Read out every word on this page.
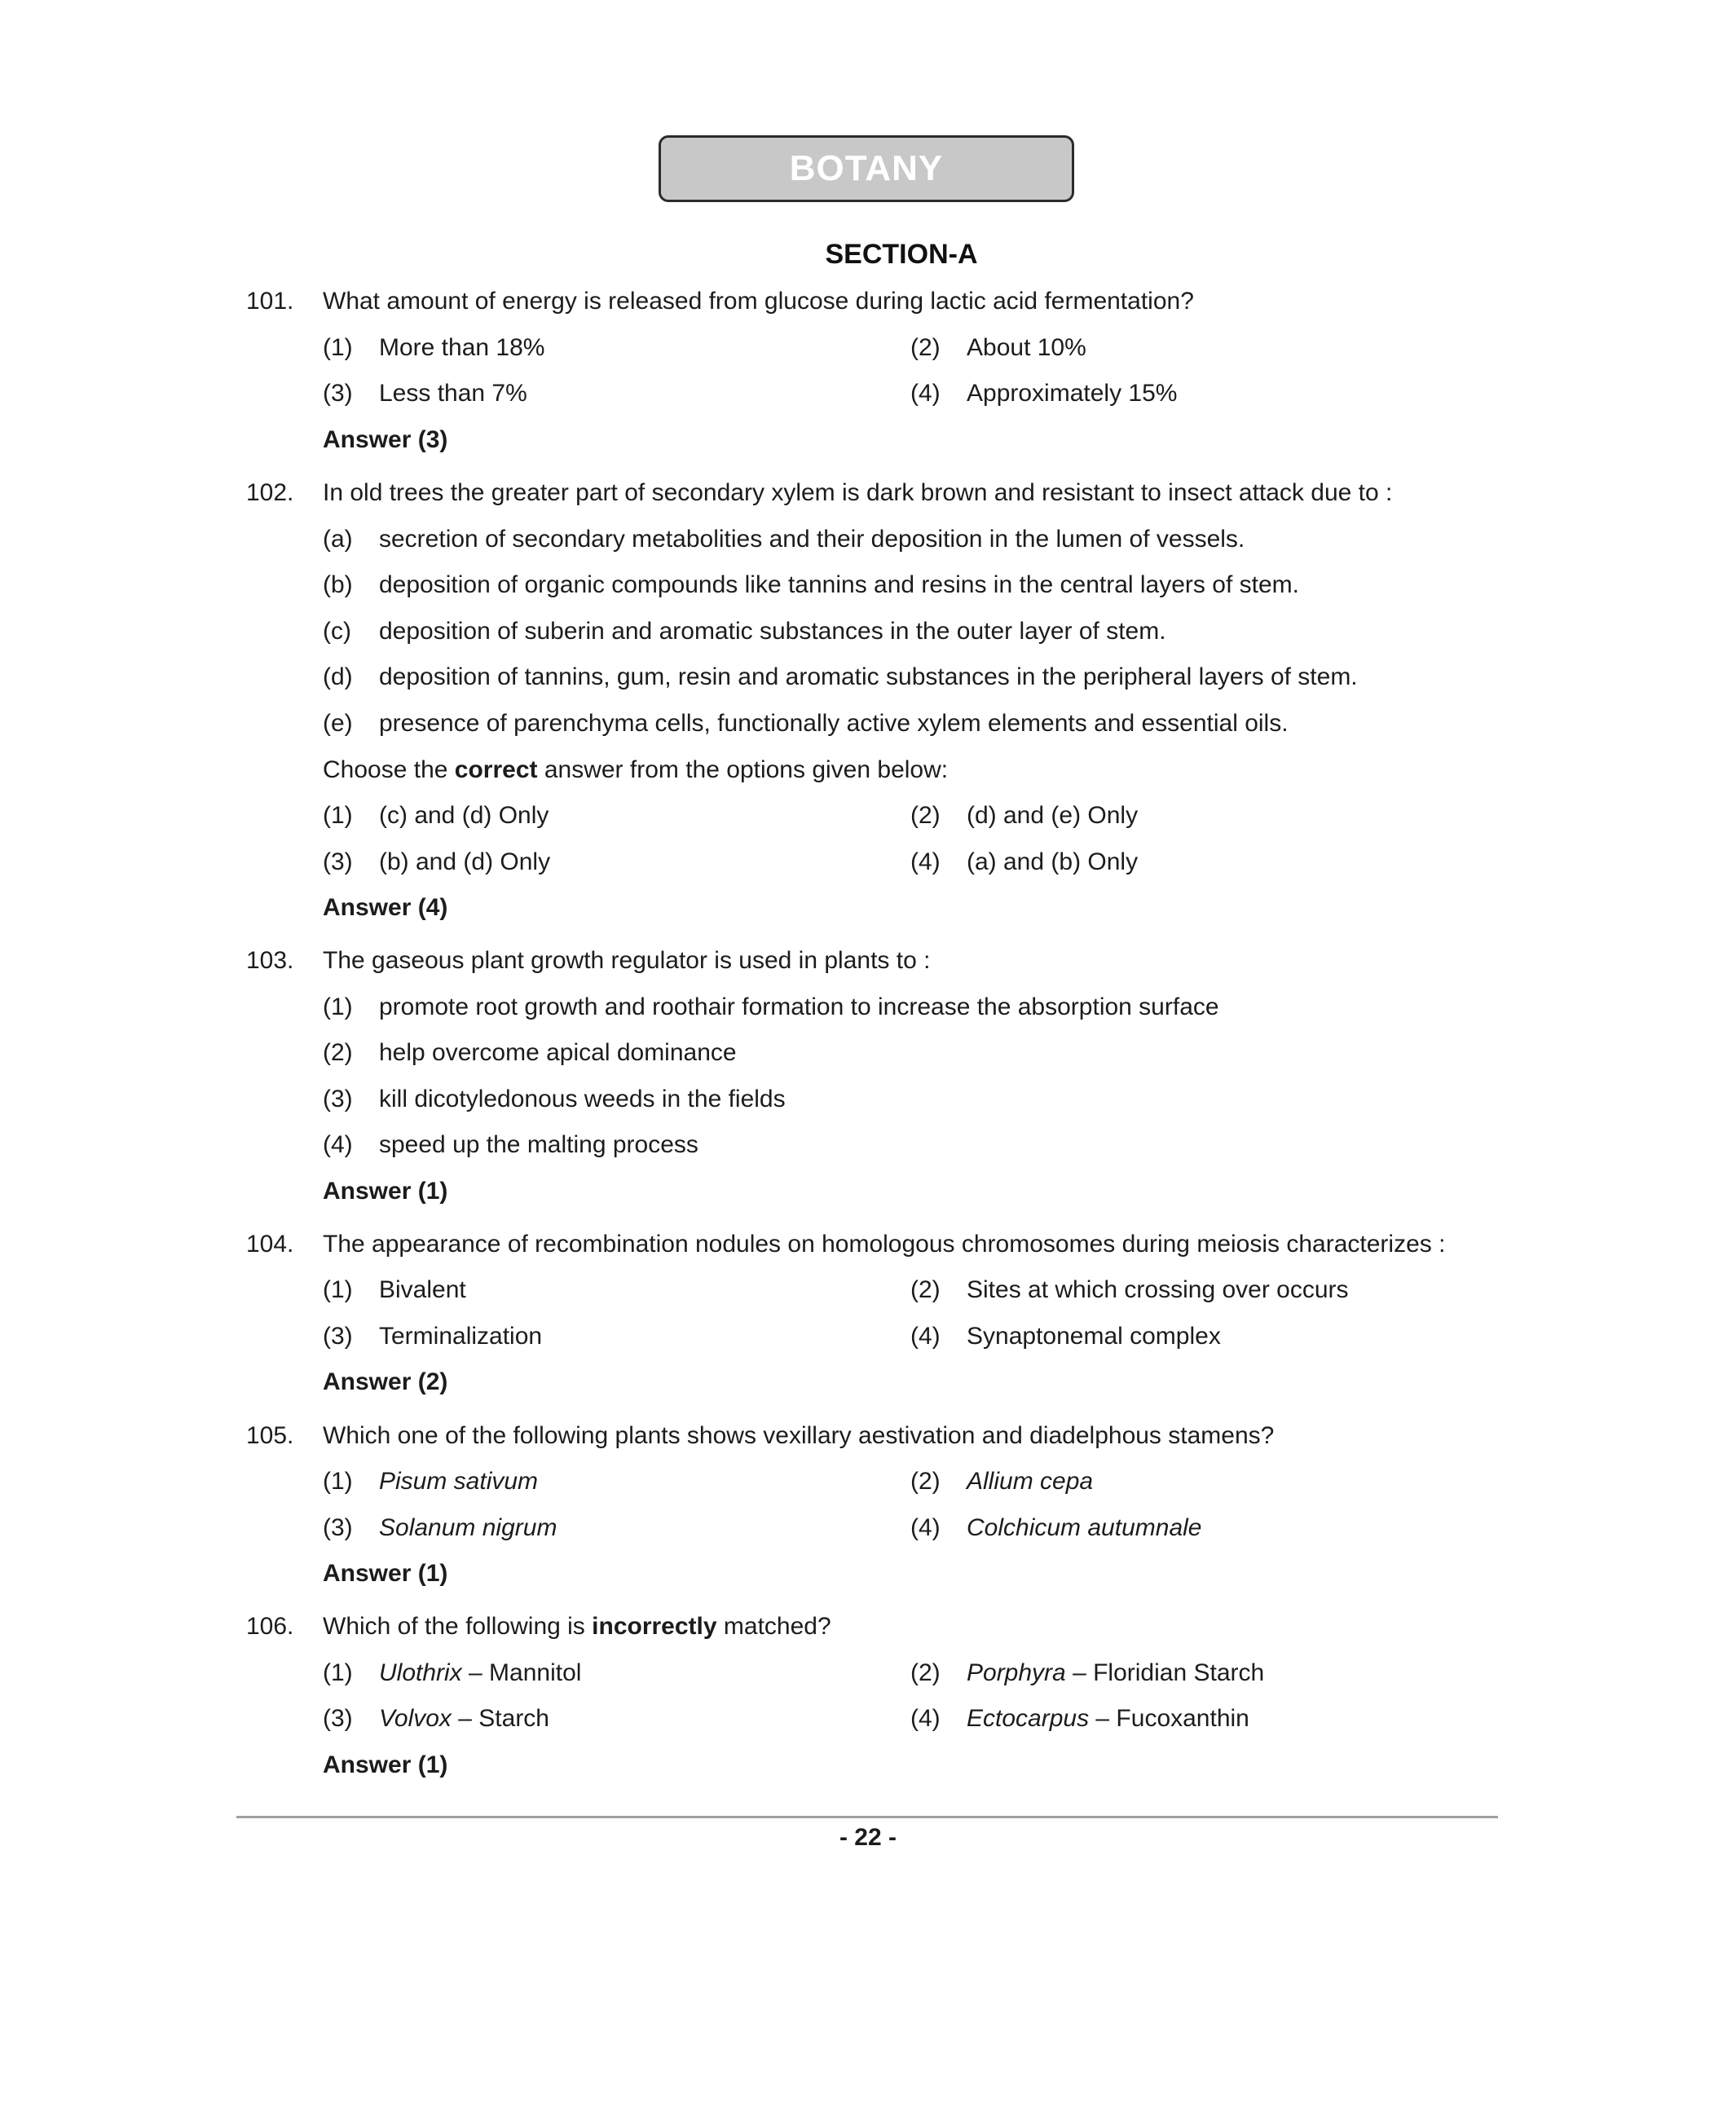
BOTANY
SECTION-A
101. What amount of energy is released from glucose during lactic acid fermentation?
(1) More than 18%	(2) About 10%
(3) Less than 7%	(4) Approximately 15%
Answer (3)
102. In old trees the greater part of secondary xylem is dark brown and resistant to insect attack due to :
(a) secretion of secondary metabolities and their deposition in the lumen of vessels.
(b) deposition of organic compounds like tannins and resins in the central layers of stem.
(c) deposition of suberin and aromatic substances in the outer layer of stem.
(d) deposition of tannins, gum, resin and aromatic substances in the peripheral layers of stem.
(e) presence of parenchyma cells, functionally active xylem elements and essential oils.
Choose the correct answer from the options given below:
(1) (c) and (d) Only	(2) (d) and (e) Only
(3) (b) and (d) Only	(4) (a) and (b) Only
Answer (4)
103. The gaseous plant growth regulator is used in plants to :
(1) promote root growth and roothair formation to increase the absorption surface
(2) help overcome apical dominance
(3) kill dicotyledonous weeds in the fields
(4) speed up the malting process
Answer (1)
104. The appearance of recombination nodules on homologous chromosomes during meiosis characterizes :
(1) Bivalent	(2) Sites at which crossing over occurs
(3) Terminalization	(4) Synaptonemal complex
Answer (2)
105. Which one of the following plants shows vexillary aestivation and diadelphous stamens?
(1) Pisum sativum	(2) Allium cepa
(3) Solanum nigrum	(4) Colchicum autumnale
Answer (1)
106. Which of the following is incorrectly matched?
(1) Ulothrix – Mannitol	(2) Porphyra – Floridian Starch
(3) Volvox – Starch	(4) Ectocarpus – Fucoxanthin
Answer (1)
- 22 -
